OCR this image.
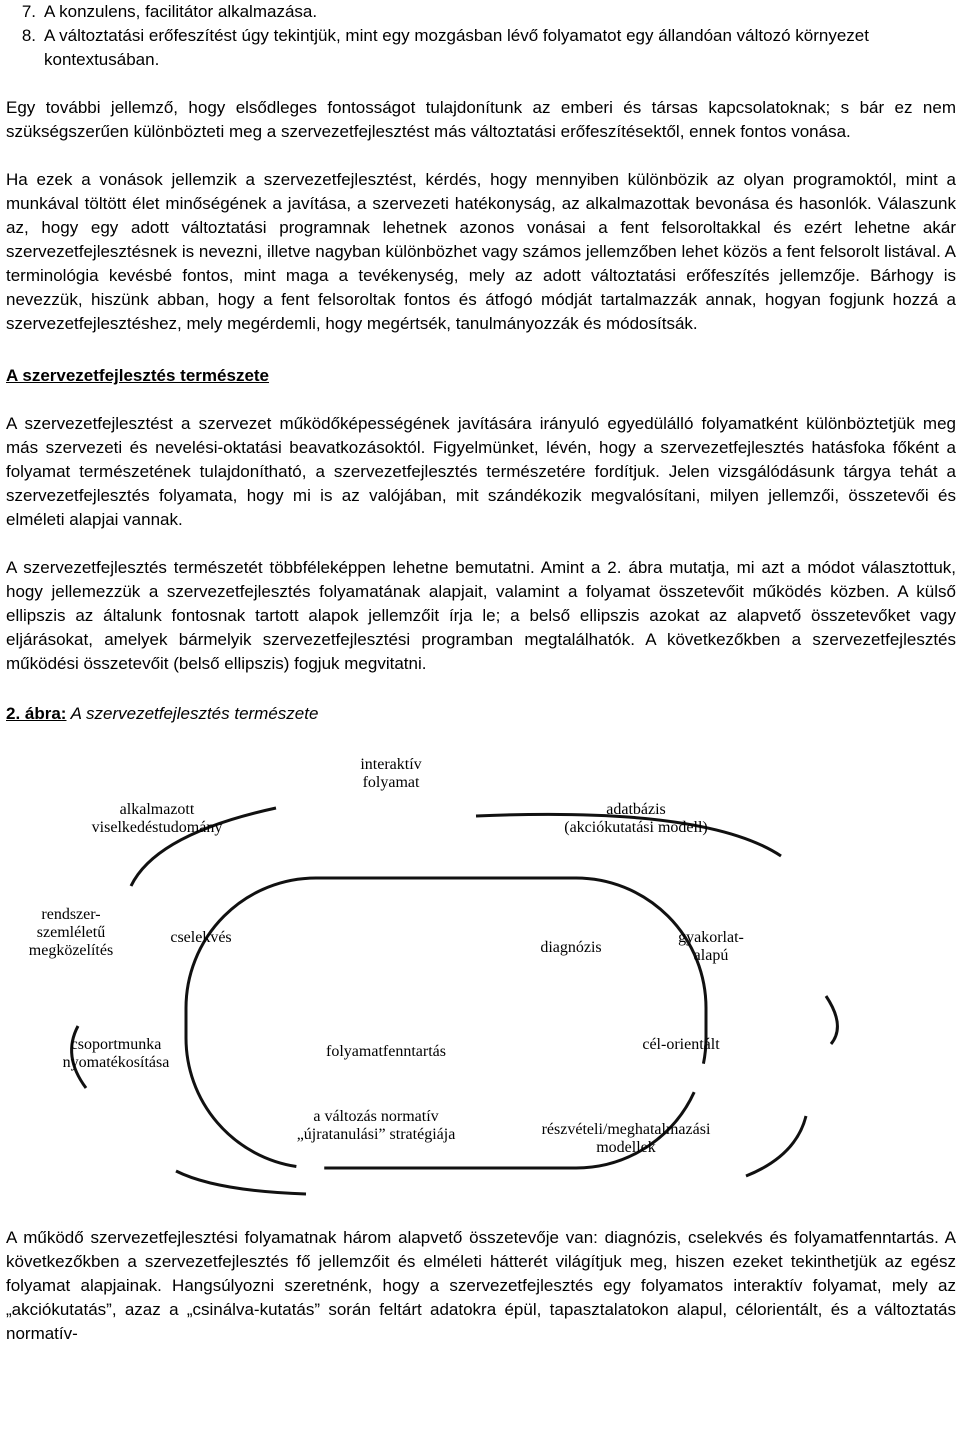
7. A konzulens, facilitátor alkalmazása.
8. A változtatási erőfeszítést úgy tekintjük, mint egy mozgásban lévő folyamatot egy állandóan változó környezet kontextusában.

Egy további jellemző, hogy elsődleges fontosságot tulajdonítunk az emberi és társas kapcsolatoknak; s bár ez nem szükségszerűen különbözteti meg a szervezetfejlesztést más változtatási erőfeszítésektől, ennek fontos vonása.

Ha ezek a vonások jellemzik a szervezetfejlesztést, kérdés, hogy mennyiben különbözik az olyan programoktól, mint a munkával töltött élet minőségének a javítása, a szervezeti hatékonyság, az alkalmazottak bevonása és hasonlók. Válaszunk az, hogy egy adott változtatási programnak lehetnek azonos vonásai a fent felsoroltakkal és ezért lehetne akár szervezetfejlesztésnek is nevezni, illetve nagyban különbözhet vagy számos jellemzőben lehet közös a fent felsorolt listával. A terminológia kevésbé fontos, mint maga a tevékenység, mely az adott változtatási erőfeszítés jellemzője. Bárhogy is nevezzük, hiszünk abban, hogy a fent felsoroltak fontos és átfogó módját tartalmazzák annak, hogyan fogjunk hozzá a szervezetfejlesztéshez, mely megérdemli, hogy megértsék, tanulmányozzák és módosítsák.

A szervezetfejlesztés természete

A szervezetfejlesztést a szervezet működőképességének javítására irányuló egyedülálló folyamatként különböztetjük meg más szervezeti és nevelési-oktatási beavatkozásoktól. Figyelmünket, lévén, hogy a szervezetfejlesztés hatásfoka főként a folyamat természetének tulajdonítható, a szervezetfejlesztés természetére fordítjuk. Jelen vizsgálódásunk tárgya tehát a szervezetfejlesztés folyamata, hogy mi is az valójában, mit szándékozik megvalósítani, milyen jellemzői, összetevői és elméleti alapjai vannak.

A szervezetfejlesztés természetét többféleképpen lehetne bemutatni. Amint a 2. ábra mutatja, mi azt a módot választottuk, hogy jellemezzük a szervezetfejlesztés folyamatának alapjait, valamint a folyamat összetevőit működés közben. A külső ellipszis az általunk fontosnak tartott alapok jellemzőit írja le; a belső ellipszis azokat az alapvető összetevőket vagy eljárásokat, amelyek bármelyik szervezetfejlesztési programban megtalálhatók. A következőkben a szervezetfejlesztés működési összetevőit (belső ellipszis) fogjuk megvitatni.

2. ábra: A szervezetfejlesztés természete

interaktív
folyamat
alkalmazott
viselkedéstudomány
adatbázis
(akciókutatási modell)
rendszer-
szemléletű
megközelítés
cselekvés
diagnózis
gyakorlat-
alapú
csoportmunka
nyomatékosítása
folyamatfenntartás	cél-orientált
a változás normatív
„újratanulási” stratégiája	részvételi/meghatalmazási
modellek

A működő szervezetfejlesztési folyamatnak három alapvető összetevője van: diagnózis, cselekvés és folyamatfenntartás. A következőkben a szervezetfejlesztés fő jellemzőit és elméleti hátterét világítjuk meg, hiszen ezeket tekinthetjük az egész folyamat alapjainak. Hangsúlyozni szeretnénk, hogy a szervezetfejlesztés egy folyamatos interaktív folyamat, mely az „akciókutatás”, azaz a „csinálva-kutatás” során feltárt adatokra épül, tapasztalatokon alapul, célorientált, és a változtatás normatív-
